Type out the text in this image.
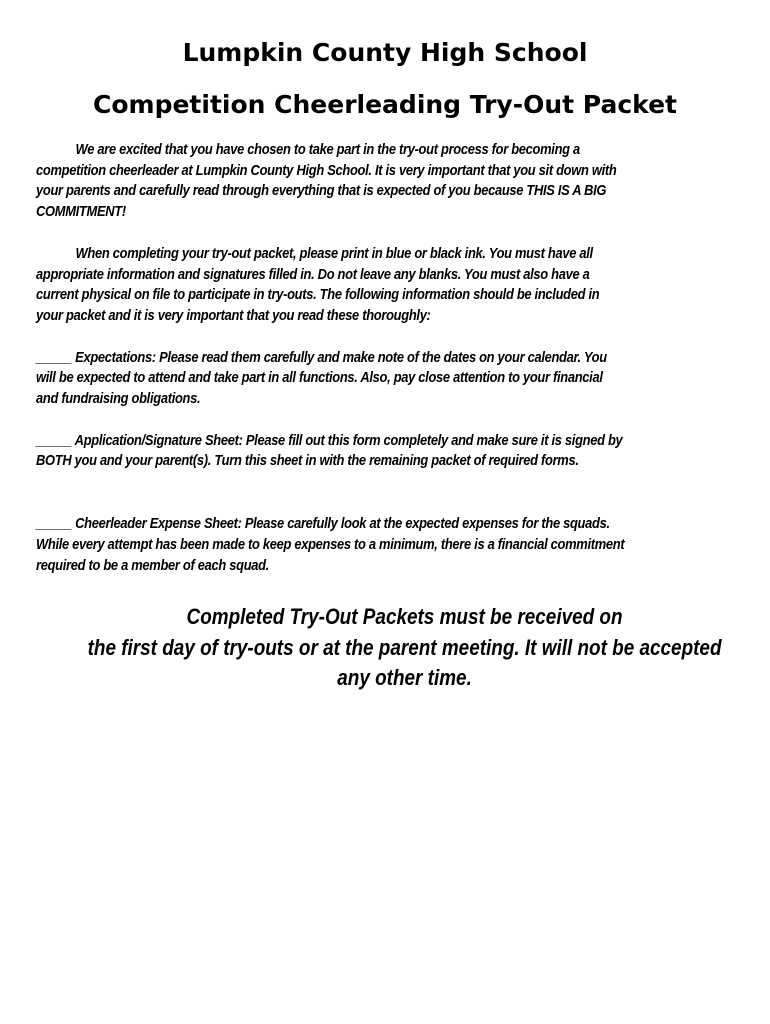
Lumpkin County High School
Competition Cheerleading Try-Out Packet

We are excited that you have chosen to take part in the try-out process for becoming a
competition cheerleader at Lumpkin County High School. It is very important that you sit down with
your parents and carefully read through everything that is expected of you because THIS IS A BIG
COMMITMENT!

When completing your try-out packet, please print in blue or black ink. You must have all
appropriate information and signatures filled in. Do not leave any blanks. You must also have a
current physical on file to participate in try-outs. The following information should be included in
your packet and it is very important that you read these thoroughly:

_____ Expectations: Please read them carefully and make note of the dates on your calendar. You
will be expected to attend and take part in all functions. Also, pay close attention to your financial
and fundraising obligations.

_____ Application/Signature Sheet: Please fill out this form completely and make sure it is signed by
BOTH you and your parent(s). Turn this sheet in with the remaining packet of required forms.

_____ Cheerleader Expense Sheet: Please carefully look at the expected expenses for the squads.
While every attempt has been made to keep expenses to a minimum, there is a financial commitment
required to be a member of each squad.

Completed Try-Out Packets must be received on
the first day of try-outs or at the parent meeting. It will not be accepted
any other time.
